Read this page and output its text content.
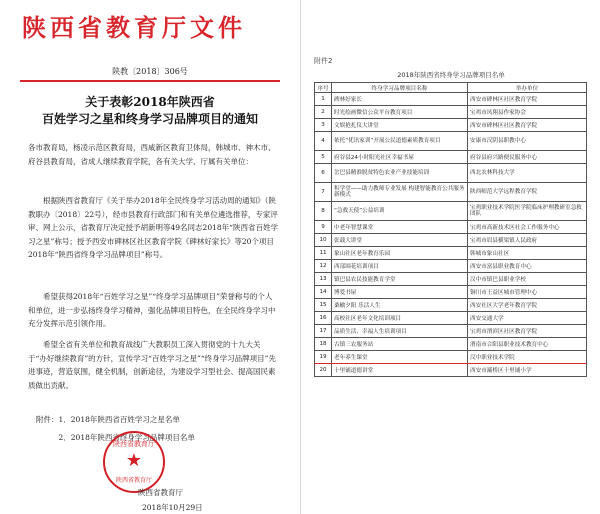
陕西省教育厅文件
陕教〔2018〕306号
关于表彰2018年陕西省
百姓学习之星和终身学习品牌项目的通知
各市教育局，杨凌示范区教育局，西咸新区教育卫体局，韩城市、神木市、府谷县教育局，省成人继续教育学院，各有关大学、厅属有关单位：
根据陕西省教育厅《关于举办2018年全民终身学习活动周的通知》（陕教职办〔2018〕22号），经市县教育行政部门和有关单位遴选推荐，专家评审、网上公示，省教育厅决定授予胡新明等49名同志2018年“陕西省百姓学习之星”称号；授予西安市碑林区社区教育学院《碑林好家长》等20个项目2018年“陕西省终身学习品牌项目”称号。
希望获得2018年“百姓学习之星”“终身学习品牌项目”荣誉称号的个人和单位，进一步弘扬终身学习精神，强化品牌项目特色，在全民终身学习中充分发挥示范引领作用。
希望全省有关单位和教育战线广大教职员工深入贯彻党的十九大关于“办好继续教育”的方针，宣传学习“百姓学习之星”“终身学习品牌项目”先进事迹，营造氛围，健全机制，创新途径，为建设学习型社会、提高国民素质做出贡献。
附件：1．2018年陕西省百姓学习之星名单
2．2018年陕西省终身学习品牌项目名单
陕西省教育厅
★
陕西省教育厅
陕西省教育厅
2018年10月29日
附件2
2018年陕西省终身学习品牌项目名单
序号	终身学习品牌项目名称	举办单位
1	碑林好家长	西安市碑林区社区教育学院
2	时光绘画微信公众平台教育项目	宝鸡市凤翔县作家协会
3	文娱抢扎仪大讲堂	西安市碑林区社区教育学院
4	依托“优讯家训”开展公民道德素质教育项目	安康市汉阴县职教中心
5	府谷县24小时阳光社区幸福书屋	府谷县府兴路便民服务中心
6	岔巴县精准脱贫特色农业产业技能培训	西北农林科技大学
7	积学堂——助力教师专业发展 构建智能教育公共服务新模式	陕西师范大学远程教育学院
8	“急救天使”公益培训	宝鸡职业技术学院医学院临床护理教研室急救团队
9	中老年智慧课堂	宝鸡市高新技术区社会工作服务中心
10	张载大讲堂	宝鸡市眉县横渠镇人民政府
11	象山社区老年教育乐园	韩城市象山社区
12	西部围花培训项目	西安市富县职业教育中心
13	镇巴县农民技能教育学堂	汉中市镇巴县职业学校
14	博爱书屋	铜川市王益区城市管理中心
15	桑榆夕阳 乐活人生	西安社区大学老年教育学院
16	高校社区老年文化培训项目	西安交通大学
17	品质生活，幸福人生培训项目	宝鸡市渭滨区社区教育学院
18	古镇三农服务站	渭南市合阳县职业技术教育中心
19	老年养生课堂	汉中职业技术学院
20	十里铺道德讲堂	西安市灞桥区十里铺小学
